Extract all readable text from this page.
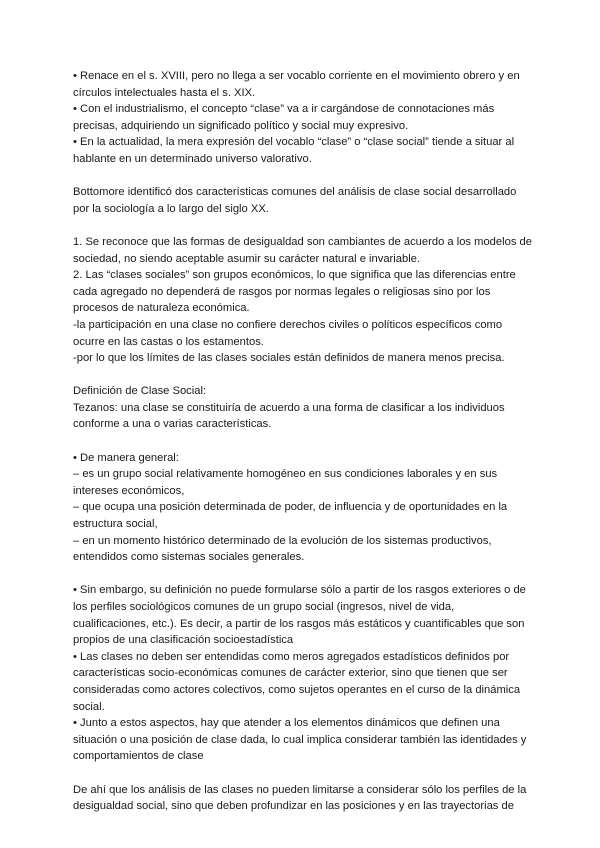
• Renace en el s. XVIII, pero no llega a ser vocablo corriente en el movimiento obrero y en
círculos intelectuales hasta el s. XIX.
• Con el industrialismo, el concepto “clase” va a ir cargándose de connotaciones más
precisas, adquiriendo un significado político y social muy expresivo.
• En la actualidad, la mera expresión del vocablo “clase” o “clase social” tiende a situar al
hablante en un determinado universo valorativo.
Bottomore identificó dos características comunes del análisis de clase social desarrollado
por la sociología a lo largo del siglo XX.
1. Se reconoce que las formas de desigualdad son cambiantes de acuerdo a los modelos de
sociedad, no siendo aceptable asumir su carácter natural e invariable.
2. Las “clases sociales” son grupos económicos, lo que significa que las diferencias entre
cada agregado no dependerá de rasgos por normas legales o religiosas sino por los
procesos de naturaleza económica.
-la participación en una clase no confiere derechos civiles o políticos específicos como
ocurre en las castas o los estamentos.
-por lo que los límites de las clases sociales están definidos de manera menos precisa.
Definición de Clase Social:
Tezanos: una clase se constituiría de acuerdo a una forma de clasificar a los individuos
conforme a una o varias características.
• De manera general:
– es un grupo social relativamente homogéneo en sus condiciones laborales y en sus
intereses económicos,
– que ocupa una posición determinada de poder, de influencia y de oportunidades en la
estructura social,
– en un momento histórico determinado de la evolución de los sistemas productivos,
entendidos como sistemas sociales generales.
• Sin embargo, su definición no puede formularse sólo a partir de los rasgos exteriores o de
los perfiles sociológicos comunes de un grupo social (ingresos, nivel de vida,
cualificaciones, etc.). Es decir, a partir de los rasgos más estáticos y cuantificables que son
propios de una clasificación socioestadística
• Las clases no deben ser entendidas como meros agregados estadísticos definidos por
características socio-económicas comunes de carácter exterior, sino que tienen que ser
consideradas como actores colectivos, como sujetos operantes en el curso de la dinámica
social.
• Junto a estos aspectos, hay que atender a los elementos dinámicos que definen una
situación o una posición de clase dada, lo cual implica considerar también las identidades y
comportamientos de clase
De ahí que los análisis de las clases no pueden limitarse a considerar sólo los perfiles de la
desigualdad social, sino que deben profundizar en las posiciones y en las trayectorias de
